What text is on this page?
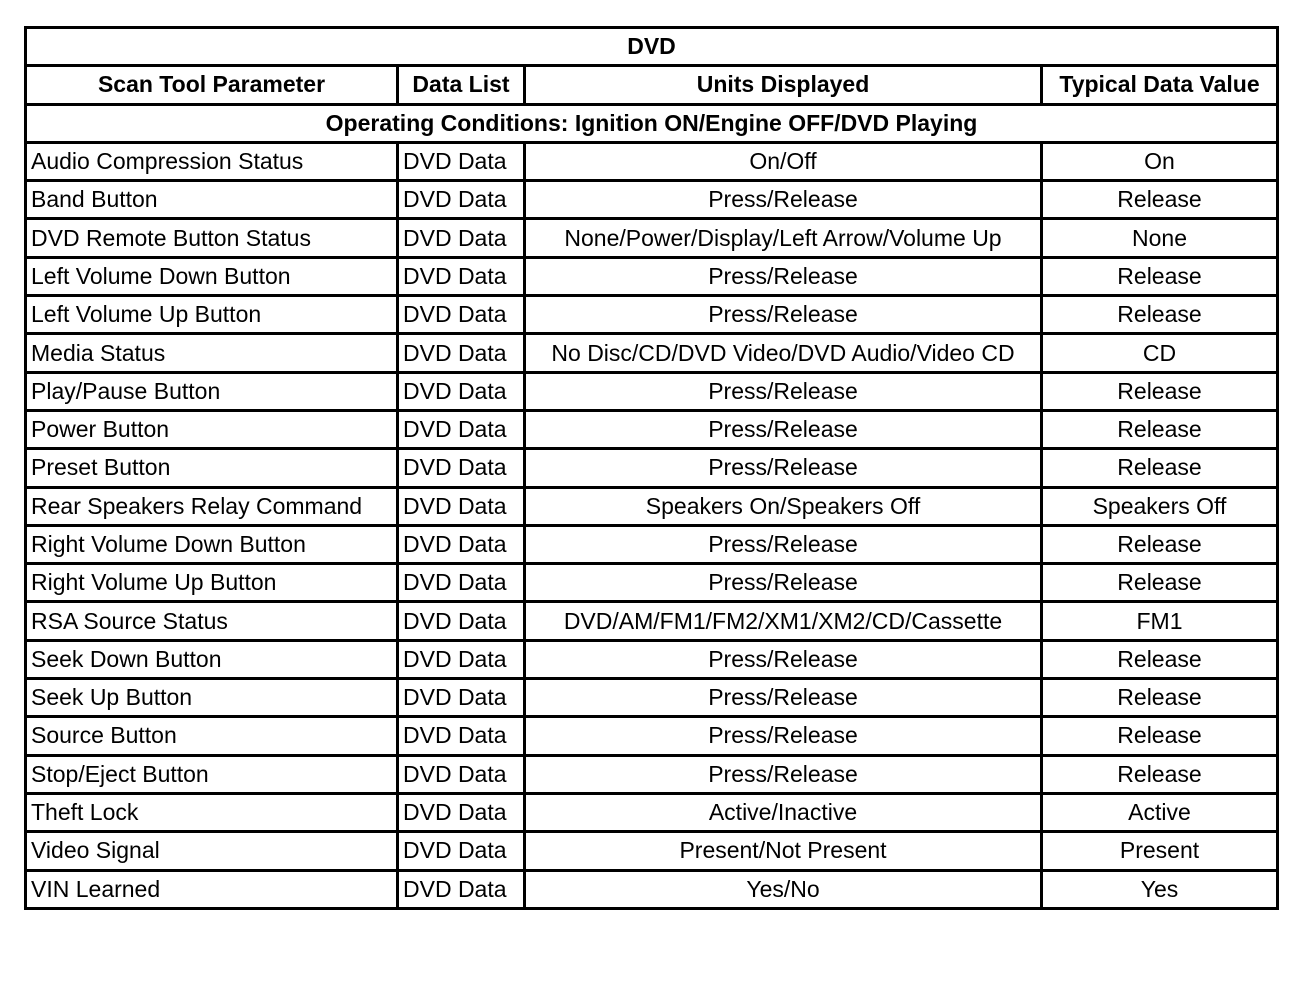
DVD			
Scan Tool Parameter	Data List	Units Displayed	Typical Data Value
Operating Conditions: Ignition ON/Engine OFF/DVD Playing			
Audio Compression Status	DVD Data	On/Off	On
Band Button	DVD Data	Press/Release	Release
DVD Remote Button Status	DVD Data	None/Power/Display/Left Arrow/Volume Up	None
Left Volume Down Button	DVD Data	Press/Release	Release
Left Volume Up Button	DVD Data	Press/Release	Release
Media Status	DVD Data	No Disc/CD/DVD Video/DVD Audio/Video CD	CD
Play/Pause Button	DVD Data	Press/Release	Release
Power Button	DVD Data	Press/Release	Release
Preset Button	DVD Data	Press/Release	Release
Rear Speakers Relay Command	DVD Data	Speakers On/Speakers Off	Speakers Off
Right Volume Down Button	DVD Data	Press/Release	Release
Right Volume Up Button	DVD Data	Press/Release	Release
RSA Source Status	DVD Data	DVD/AM/FM1/FM2/XM1/XM2/CD/Cassette	FM1
Seek Down Button	DVD Data	Press/Release	Release
Seek Up Button	DVD Data	Press/Release	Release
Source Button	DVD Data	Press/Release	Release
Stop/Eject Button	DVD Data	Press/Release	Release
Theft Lock	DVD Data	Active/Inactive	Active
Video Signal	DVD Data	Present/Not Present	Present
VIN Learned	DVD Data	Yes/No	Yes
